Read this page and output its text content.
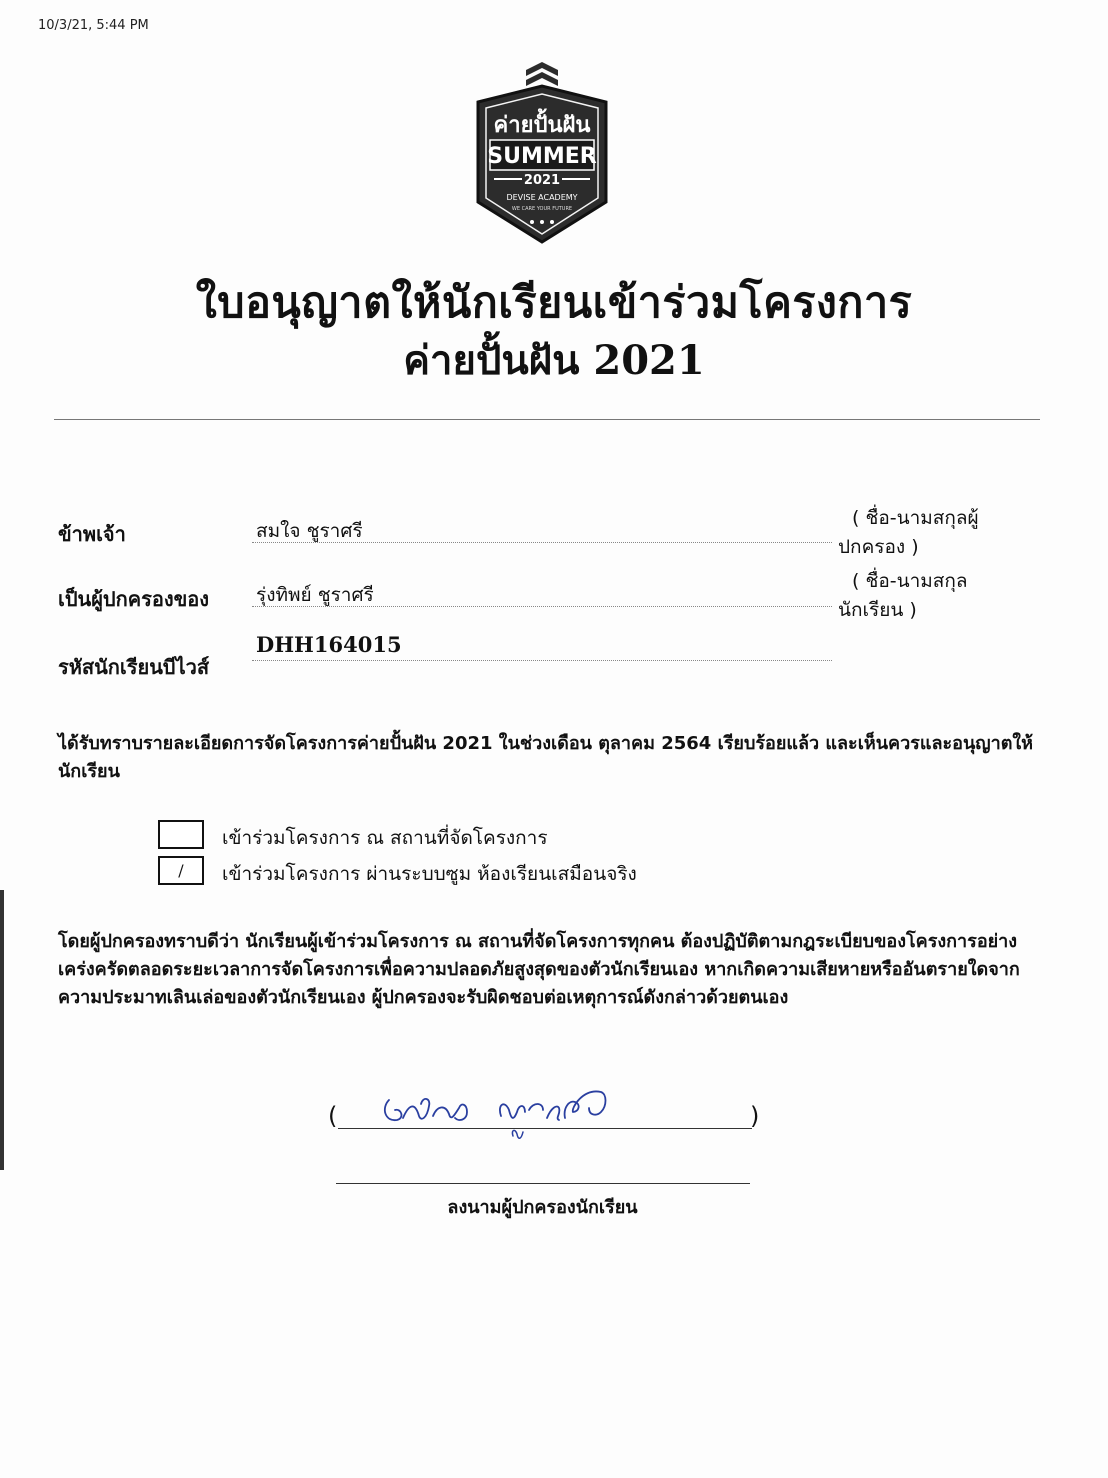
10/3/21, 5:44 PM
ค่ายปั้นฝัน
SUMMER
2021
DEVISE ACADEMY
WE CARE YOUR FUTURE
ใบอนุญาตให้นักเรียนเข้าร่วมโครงการ
ค่ายปั้นฝัน 2021
ข้าพเจ้า	สมใจ ชูราศรี
( ชื่อ-นามสกุลผู้
ปกครอง )
เป็นผู้ปกครองของ รุ่งทิพย์ ชูราศรี
( ชื่อ-นามสกุล
นักเรียน )
รหัสนักเรียนบีไวส์
DHH164015
ได้รับทราบรายละเอียดการจัดโครงการค่ายปั้นฝัน 2021 ในช่วงเดือน ตุลาคม 2564 เรียบร้อยแล้ว และเห็นควรและอนุญาตให้นักเรียน
เข้าร่วมโครงการ ณ สถานที่จัดโครงการ
/	เข้าร่วมโครงการ ผ่านระบบซูม ห้องเรียนเสมือนจริง
โดยผู้ปกครองทราบดีว่า นักเรียนผู้เข้าร่วมโครงการ ณ สถานที่จัดโครงการทุกคน ต้องปฏิบัติตามกฎระเบียบของโครงการอย่างเคร่งครัดตลอดระยะเวลาการจัดโครงการเพื่อความปลอดภัยสูงสุดของตัวนักเรียนเอง หากเกิดความเสียหายหรืออันตรายใดจากความประมาทเลินเล่อของตัวนักเรียนเอง ผู้ปกครองจะรับผิดชอบต่อเหตุการณ์ดังกล่าวด้วยตนเอง
(	)
ลงนามผู้ปกครองนักเรียน
